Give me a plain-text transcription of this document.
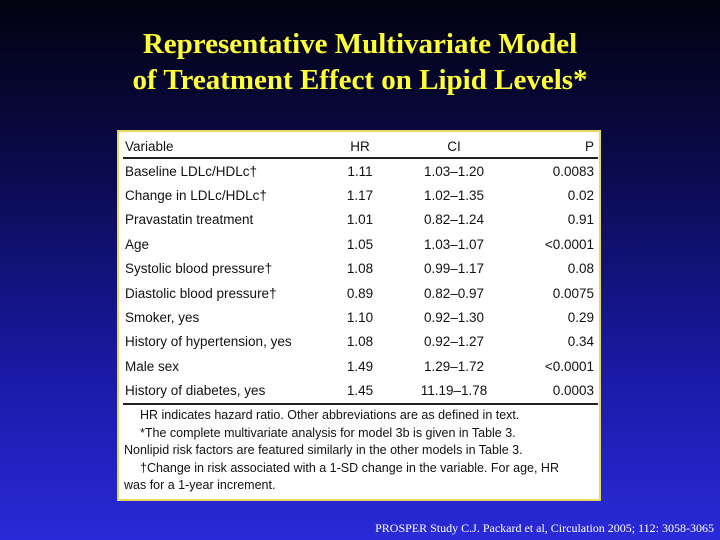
Representative Multivariate Model
of Treatment Effect on Lipid Levels*
Variable	HR	CI	P
Baseline LDLc/HDLc†	1.11	1.03–1.20	0.0083
Change in LDLc/HDLc†	1.17	1.02–1.35	0.02
Pravastatin treatment	1.01	0.82–1.24	0.91
Age	1.05	1.03–1.07	<0.0001
Systolic blood pressure†	1.08	0.99–1.17	0.08
Diastolic blood pressure†	0.89	0.82–0.97	0.0075
Smoker, yes	1.10	0.92–1.30	0.29
History of hypertension, yes	1.08	0.92–1.27	0.34
Male sex	1.49	1.29–1.72	<0.0001
History of diabetes, yes	1.45	11.19–1.78	0.0003
HR indicates hazard ratio. Other abbreviations are as defined in text.
*The complete multivariate analysis for model 3b is given in Table 3.
Nonlipid risk factors are featured similarly in the other models in Table 3.
†Change in risk associated with a 1-SD change in the variable. For age, HR
was for a 1-year increment.
PROSPER Study C.J. Packard et al, Circulation 2005; 112: 3058-3065
